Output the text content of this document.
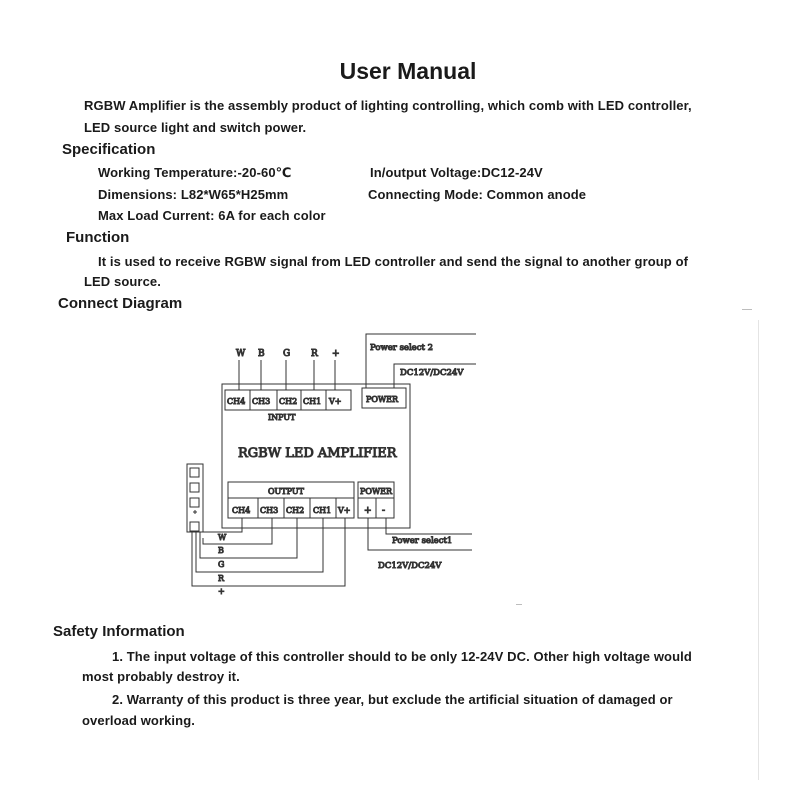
User Manual
RGBW Amplifier is the assembly product of lighting controlling, which comb with LED controller,
LED source light and switch power.
Specification
Working Temperature:-20-60℃	In/output Voltage:DC12-24V
Dimensions: L82*W65*H25mm	Connecting Mode: Common anode
Max Load Current: 6A for each color
Function
It is used to receive RGBW signal from LED controller and send the signal to another group of
LED source.
Connect Diagram
W B G R +
CH4 CH3 CH2 CH1 V+
INPUT
POWER
Power select 2
DC12V/DC24V
RGBW LED AMPLIFIER
OUTPUT
CH4 CH3 CH2 CH1 V+
POWER
+ -
Power select1
DC12V/DC24V
W
B
G
R
+
Safety Information
1. The input voltage of this controller should to be only 12-24V DC. Other high voltage would
most probably destroy it.
2. Warranty of this product is three year, but exclude the artificial situation of damaged or
overload working.
